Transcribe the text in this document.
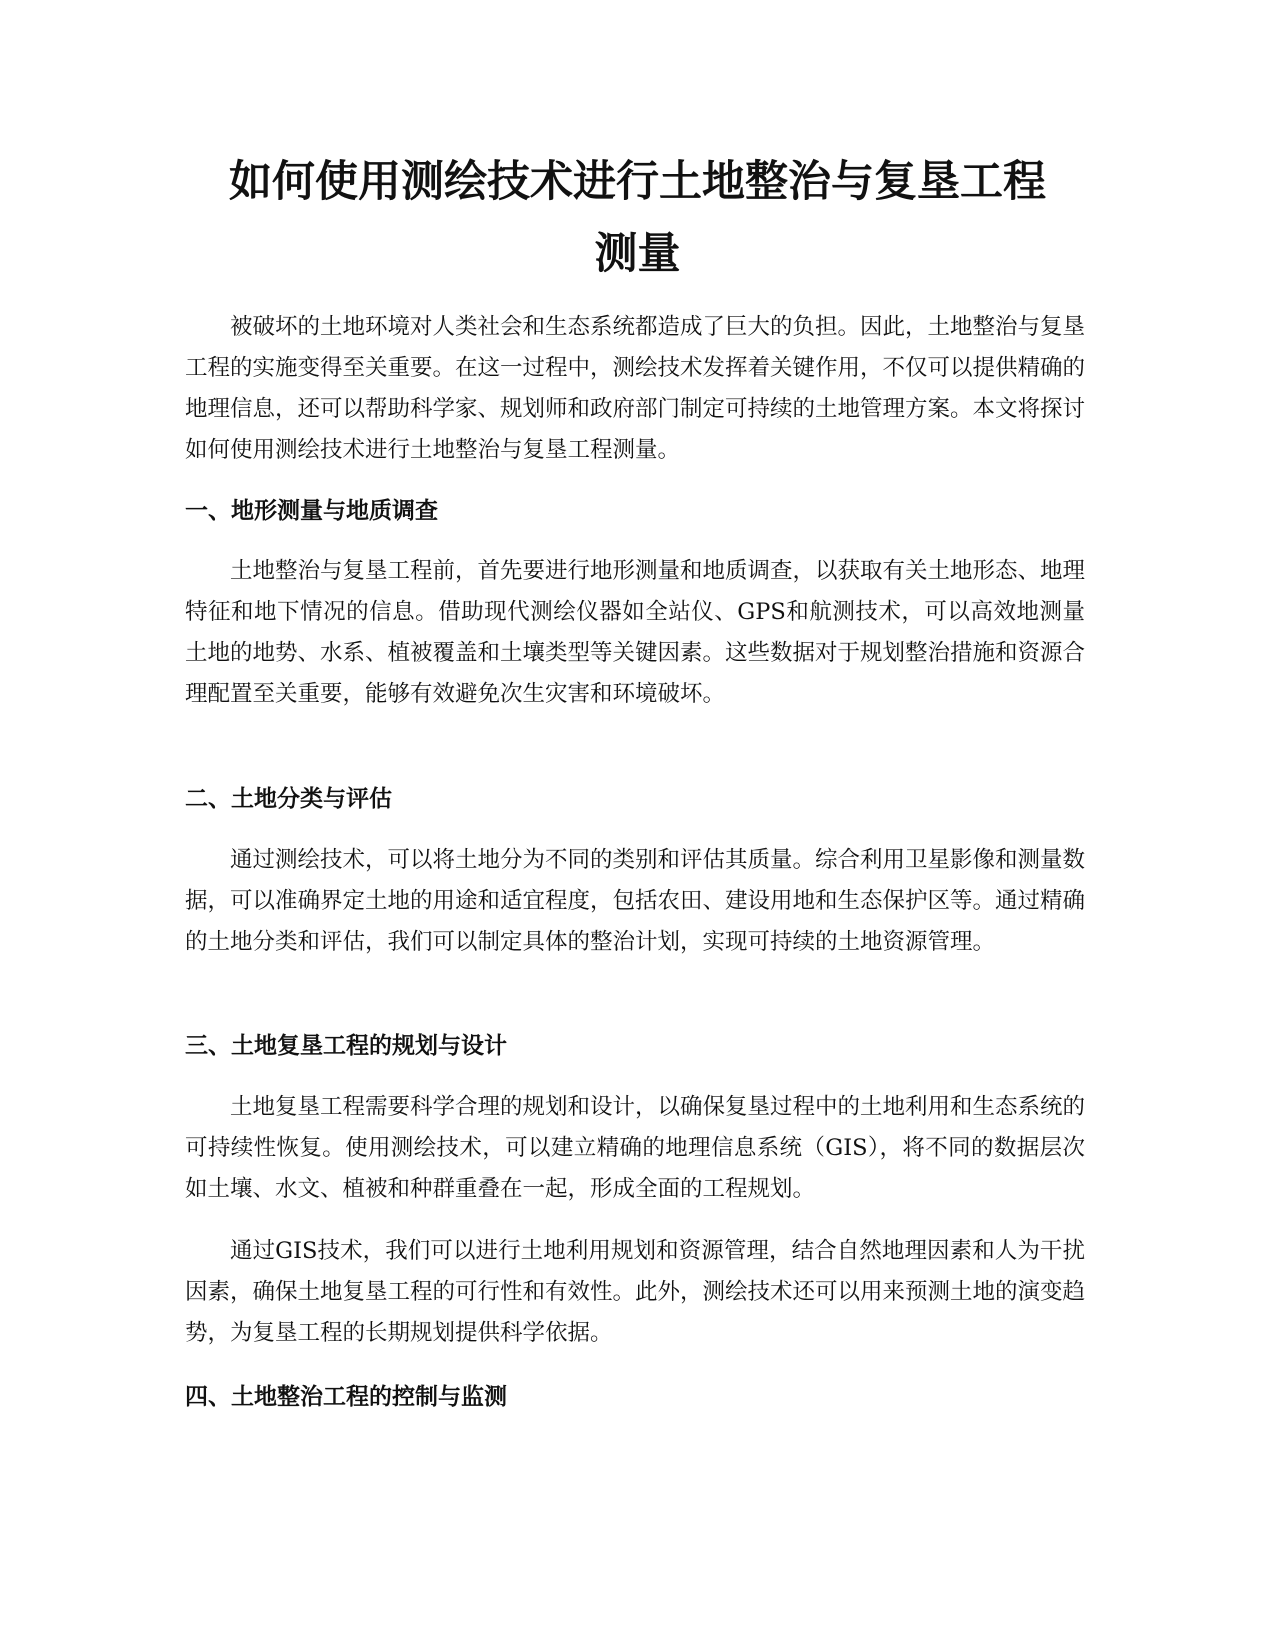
如何使用测绘技术进行土地整治与复垦工程
测量

被破坏的土地环境对人类社会和生态系统都造成了巨大的负担。因此，土地整治与复垦工程的实施变得至关重要。在这一过程中，测绘技术发挥着关键作用，不仅可以提供精确的地理信息，还可以帮助科学家、规划师和政府部门制定可持续的土地管理方案。本文将探讨如何使用测绘技术进行土地整治与复垦工程测量。

一、地形测量与地质调查

土地整治与复垦工程前，首先要进行地形测量和地质调查，以获取有关土地形态、地理特征和地下情况的信息。借助现代测绘仪器如全站仪、GPS和航测技术，可以高效地测量土地的地势、水系、植被覆盖和土壤类型等关键因素。这些数据对于规划整治措施和资源合理配置至关重要，能够有效避免次生灾害和环境破坏。

二、土地分类与评估

通过测绘技术，可以将土地分为不同的类别和评估其质量。综合利用卫星影像和测量数据，可以准确界定土地的用途和适宜程度，包括农田、建设用地和生态保护区等。通过精确的土地分类和评估，我们可以制定具体的整治计划，实现可持续的土地资源管理。

三、土地复垦工程的规划与设计

土地复垦工程需要科学合理的规划和设计，以确保复垦过程中的土地利用和生态系统的可持续性恢复。使用测绘技术，可以建立精确的地理信息系统（GIS），将不同的数据层次如土壤、水文、植被和种群重叠在一起，形成全面的工程规划。

通过GIS技术，我们可以进行土地利用规划和资源管理，结合自然地理因素和人为干扰因素，确保土地复垦工程的可行性和有效性。此外，测绘技术还可以用来预测土地的演变趋势，为复垦工程的长期规划提供科学依据。

四、土地整治工程的控制与监测
